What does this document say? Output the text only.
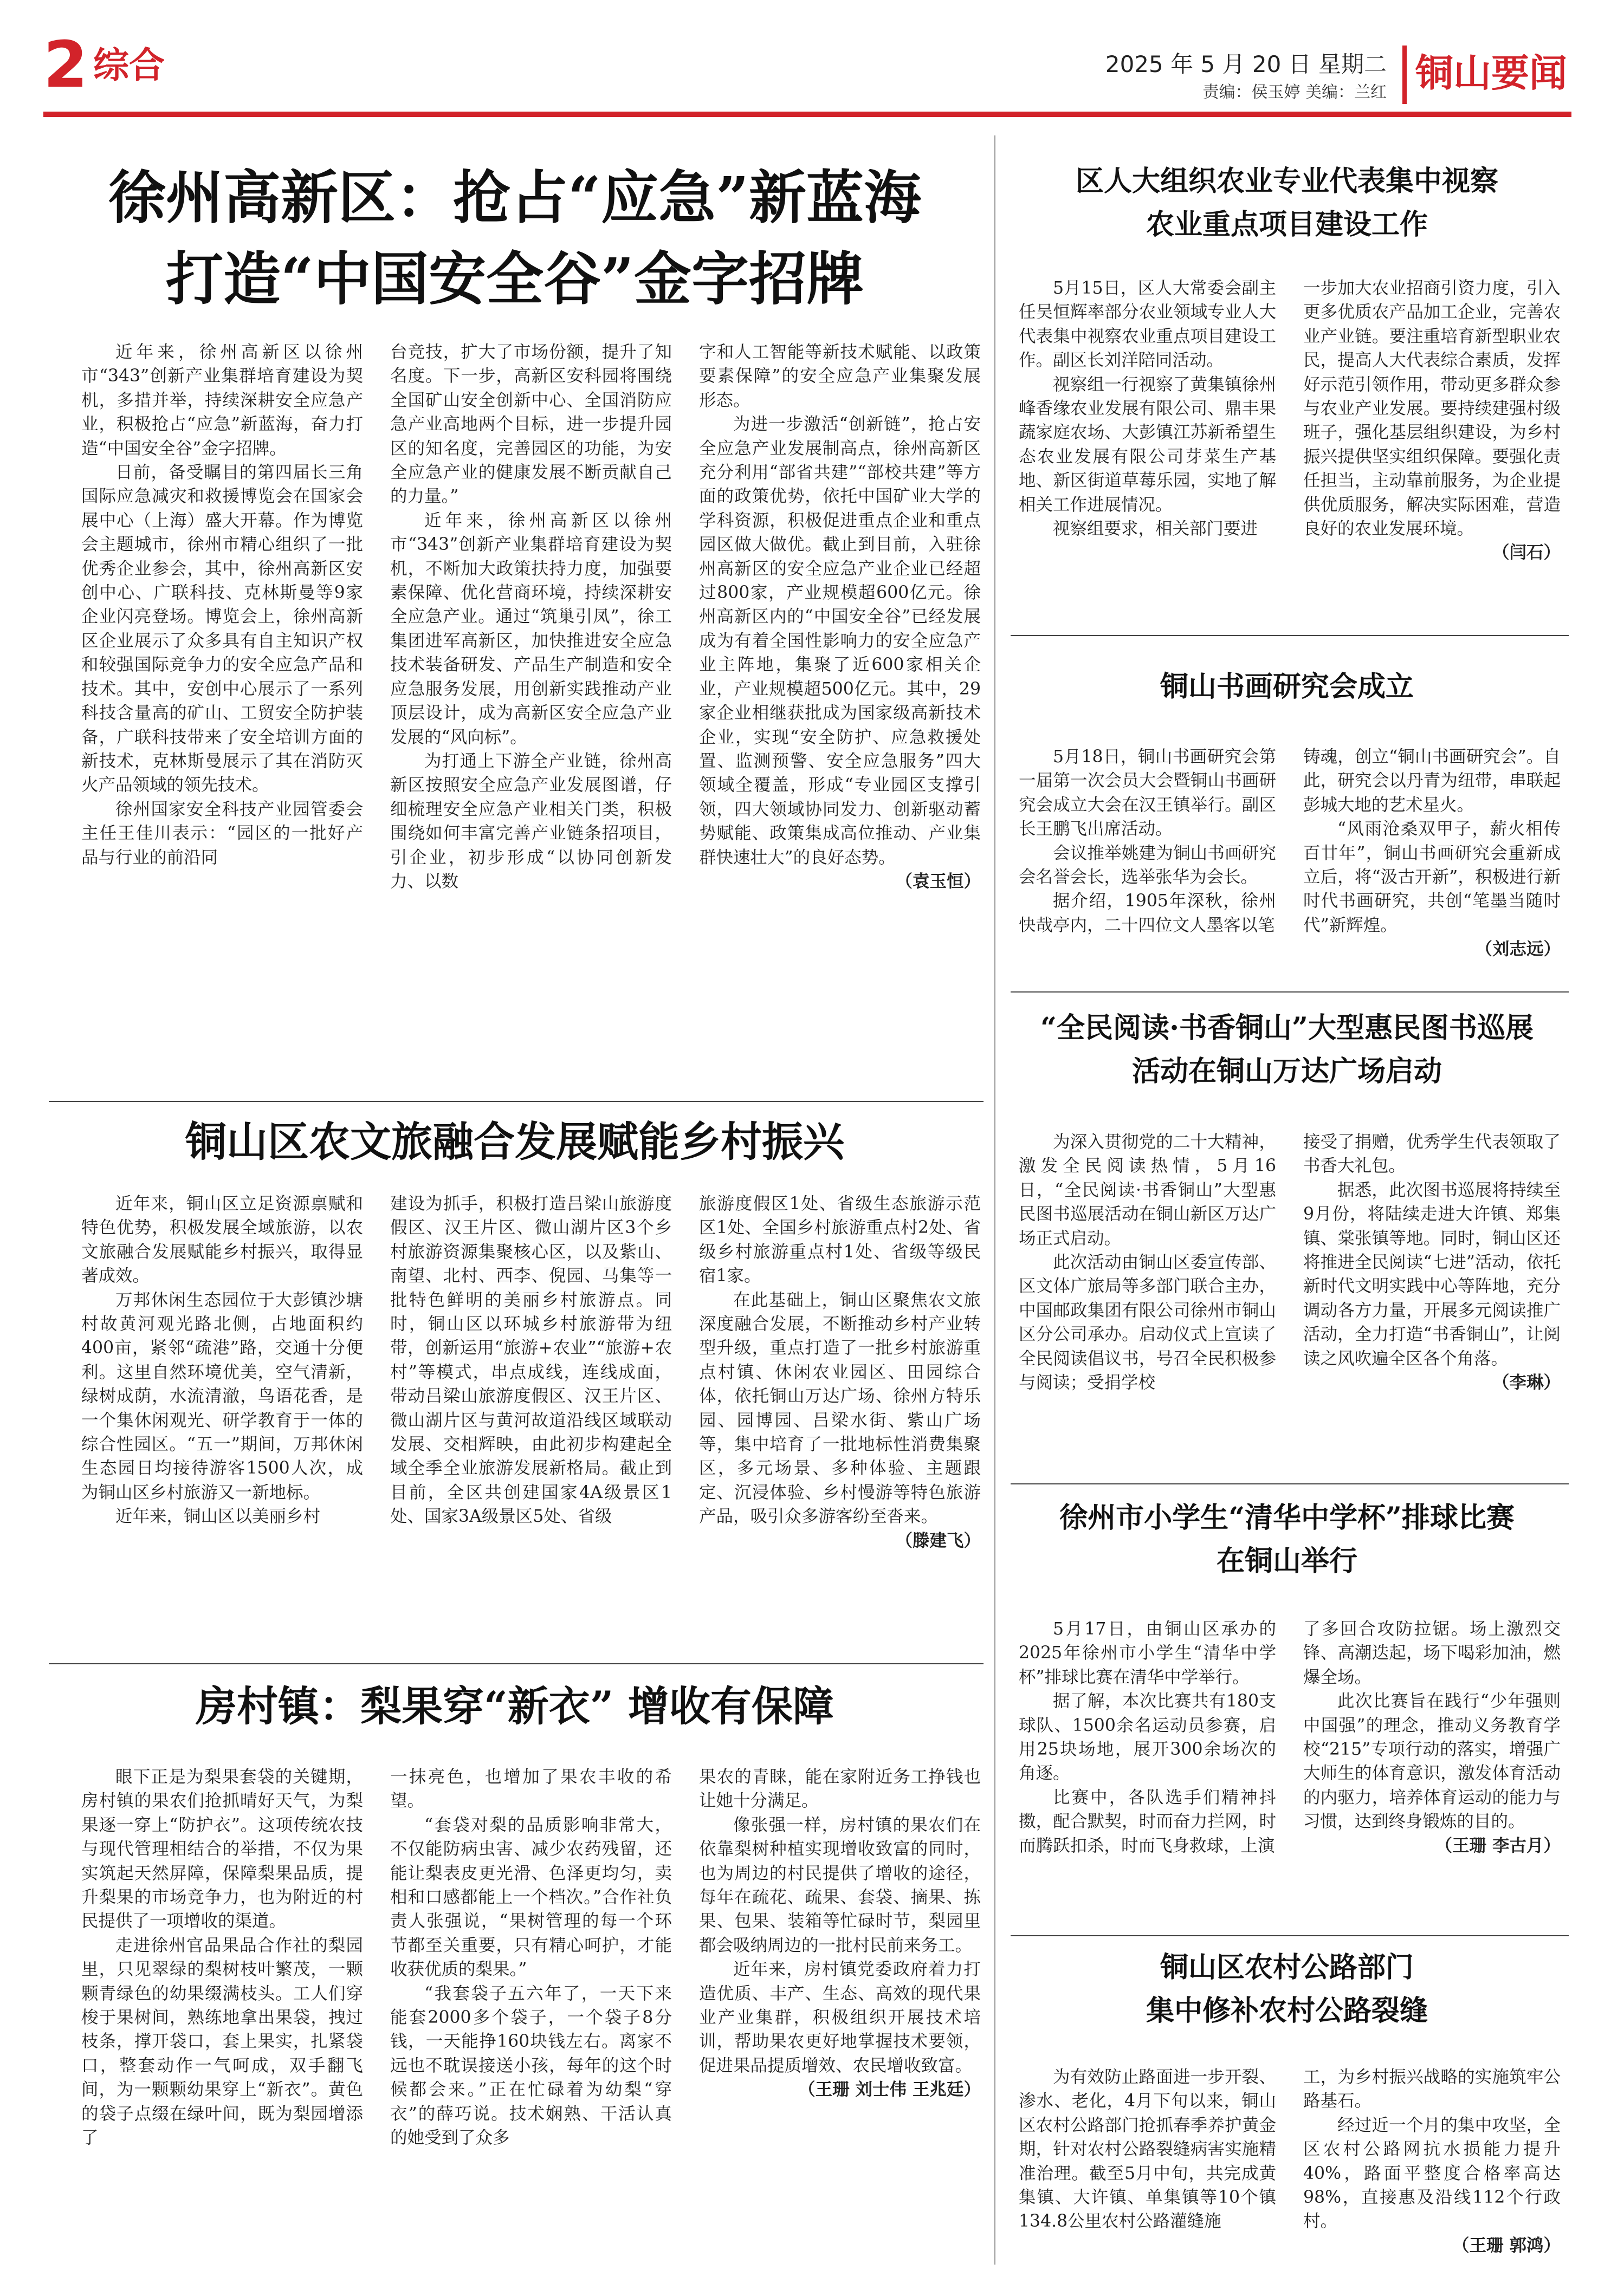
2 综合	2025 年 5 月 20 日 星期二
责编：侯玉婷 美编：兰红 铜山要闻
徐州高新区：抢占“应急”新蓝海
打造“中国安全谷”金字招牌

近年来，徐州高新区以徐州市“343”创新产业集群培育建设为契机，多措并举，持续深耕安全应急产业，积极抢占“应急”新蓝海，奋力打造“中国安全谷”金字招牌。

日前，备受瞩目的第四届长三角国际应急减灾和救援博览会在国家会展中心（上海）盛大开幕。作为博览会主题城市，徐州市精心组织了一批优秀企业参会，其中，徐州高新区安创中心、广联科技、克林斯曼等9家企业闪亮登场。博览会上，徐州高新区企业展示了众多具有自主知识产权和较强国际竞争力的安全应急产品和技术。其中，安创中心展示了一系列科技含量高的矿山、工贸安全防护装备，广联科技带来了安全培训方面的新技术，克林斯曼展示了其在消防灭火产品领域的领先技术。

徐州国家安全科技产业园管委会主任王佳川表示：“园区的一批好产品与行业的前沿同

台竞技，扩大了市场份额，提升了知名度。下一步，高新区安科园将围绕全国矿山安全创新中心、全国消防应急产业高地两个目标，进一步提升园区的知名度，完善园区的功能，为安全应急产业的健康发展不断贡献自己的力量。”

近年来，徐州高新区以徐州市“343”创新产业集群培育建设为契机，不断加大政策扶持力度，加强要素保障、优化营商环境，持续深耕安全应急产业。通过“筑巢引凤”，徐工集团进军高新区，加快推进安全应急技术装备研发、产品生产制造和安全应急服务发展，用创新实践推动产业顶层设计，成为高新区安全应急产业发展的“风向标”。

为打通上下游全产业链，徐州高新区按照安全应急产业发展图谱，仔细梳理安全应急产业相关门类，积极围绕如何丰富完善产业链条招项目，引企业，初步形成“以协同创新发力、以数

字和人工智能等新技术赋能、以政策要素保障”的安全应急产业集聚发展形态。

为进一步激活“创新链”，抢占安全应急产业发展制高点，徐州高新区充分利用“部省共建”“部校共建”等方面的政策优势，依托中国矿业大学的学科资源，积极促进重点企业和重点园区做大做优。截止到目前，入驻徐州高新区的安全应急产业企业已经超过800家，产业规模超600亿元。徐州高新区内的“中国安全谷”已经发展成为有着全国性影响力的安全应急产业主阵地，集聚了近600家相关企业，产业规模超500亿元。其中，29家企业相继获批成为国家级高新技术企业，实现“安全防护、应急救援处置、监测预警、安全应急服务”四大领域全覆盖，形成“专业园区支撑引领，四大领域协同发力、创新驱动蓄势赋能、政策集成高位推动、产业集群快速壮大”的良好态势。

（袁玉恒）
铜山区农文旅融合发展赋能乡村振兴

近年来，铜山区立足资源禀赋和特色优势，积极发展全域旅游，以农文旅融合发展赋能乡村振兴，取得显著成效。

万邦休闲生态园位于大彭镇沙塘村故黄河观光路北侧，占地面积约400亩，紧邻“疏港”路，交通十分便利。这里自然环境优美，空气清新，绿树成荫，水流清澈，鸟语花香，是一个集休闲观光、研学教育于一体的综合性园区。“五一”期间，万邦休闲生态园日均接待游客1500人次，成为铜山区乡村旅游又一新地标。

近年来，铜山区以美丽乡村

建设为抓手，积极打造吕梁山旅游度假区、汉王片区、微山湖片区3个乡村旅游资源集聚核心区，以及紫山、南望、北村、西李、倪园、马集等一批特色鲜明的美丽乡村旅游点。同时，铜山区以环城乡村旅游带为纽带，创新运用“旅游+农业”“旅游+农村”等模式，串点成线，连线成面，带动吕梁山旅游度假区、汉王片区、微山湖片区与黄河故道沿线区域联动发展、交相辉映，由此初步构建起全域全季全业旅游发展新格局。截止到目前，全区共创建国家4A级景区1处、国家3A级景区5处、省级

旅游度假区1处、省级生态旅游示范区1处、全国乡村旅游重点村2处、省级乡村旅游重点村1处、省级等级民宿1家。

在此基础上，铜山区聚焦农文旅深度融合发展，不断推动乡村产业转型升级，重点打造了一批乡村旅游重点村镇、休闲农业园区、田园综合体，依托铜山万达广场、徐州方特乐园、园博园、吕梁水街、紫山广场等，集中培育了一批地标性消费集聚区，多元场景、多种体验、主题跟定、沉浸体验、乡村慢游等特色旅游产品，吸引众多游客纷至沓来。

（滕建飞）
房村镇：梨果穿“新衣” 增收有保障

眼下正是为梨果套袋的关键期，房村镇的果农们抢抓晴好天气，为梨果逐一穿上“防护衣”。这项传统农技与现代管理相结合的举措，不仅为果实筑起天然屏障，保障梨果品质，提升梨果的市场竞争力，也为附近的村民提供了一项增收的渠道。

走进徐州官品果品合作社的梨园里，只见翠绿的梨树枝叶繁茂，一颗颗青绿色的幼果缀满枝头。工人们穿梭于果树间，熟练地拿出果袋，拽过枝条，撑开袋口，套上果实，扎紧袋口，整套动作一气呵成，双手翻飞间，为一颗颗幼果穿上“新衣”。黄色的袋子点缀在绿叶间，既为梨园增添了

一抹亮色，也增加了果农丰收的希望。

“套袋对梨的品质影响非常大，不仅能防病虫害、减少农药残留，还能让梨表皮更光滑、色泽更均匀，卖相和口感都能上一个档次。”合作社负责人张强说，“果树管理的每一个环节都至关重要，只有精心呵护，才能收获优质的梨果。”

“我套袋子五六年了，一天下来能套2000多个袋子，一个袋子8分钱，一天能挣160块钱左右。离家不远也不耽误接送小孩，每年的这个时候都会来。”正在忙碌着为幼梨“穿衣”的薛巧说。技术娴熟、干活认真的她受到了众多

果农的青睐，能在家附近务工挣钱也让她十分满足。

像张强一样，房村镇的果农们在依靠梨树种植实现增收致富的同时，也为周边的村民提供了增收的途径，每年在疏花、疏果、套袋、摘果、拣果、包果、装箱等忙碌时节，梨园里都会吸纳周边的一批村民前来务工。

近年来，房村镇党委政府着力打造优质、丰产、生态、高效的现代果业产业集群，积极组织开展技术培训，帮助果农更好地掌握技术要领，促进果品提质增效、农民增收致富。

（王珊 刘士伟 王兆廷）
区人大组织农业专业代表集中视察
农业重点项目建设工作

5月15日，区人大常委会副主任吴恒辉率部分农业领域专业人大代表集中视察农业重点项目建设工作。副区长刘洋陪同活动。

视察组一行视察了黄集镇徐州峰香缘农业发展有限公司、鼎丰果蔬家庭农场、大彭镇江苏新希望生态农业发展有限公司芽菜生产基地、新区街道草莓乐园，实地了解相关工作进展情况。

视察组要求，相关部门要进

一步加大农业招商引资力度，引入更多优质农产品加工企业，完善农业产业链。要注重培育新型职业农民，提高人大代表综合素质，发挥好示范引领作用，带动更多群众参与农业产业发展。要持续建强村级班子，强化基层组织建设，为乡村振兴提供坚实组织保障。要强化责任担当，主动靠前服务，为企业提供优质服务，解决实际困难，营造良好的农业发展环境。

（闫石）
铜山书画研究会成立

5月18日，铜山书画研究会第一届第一次会员大会暨铜山书画研究会成立大会在汉王镇举行。副区长王鹏飞出席活动。

会议推举姚建为铜山书画研究会名誉会长，选举张华为会长。

据介绍，1905年深秋，徐州快哉亭内，二十四位文人墨客以笔

铸魂，创立“铜山书画研究会”。自此，研究会以丹青为纽带，串联起彭城大地的艺术星火。

“风雨沧桑双甲子，薪火相传百廿年”，铜山书画研究会重新成立后，将“汲古开新”，积极进行新时代书画研究，共创“笔墨当随时代”新辉煌。

（刘志远）
“全民阅读·书香铜山”大型惠民图书巡展
活动在铜山万达广场启动

为深入贯彻党的二十大精神，激发全民阅读热情，5月16日，“全民阅读·书香铜山”大型惠民图书巡展活动在铜山新区万达广场正式启动。

此次活动由铜山区委宣传部、区文体广旅局等多部门联合主办，中国邮政集团有限公司徐州市铜山区分公司承办。启动仪式上宣读了全民阅读倡议书，号召全民积极参与阅读；受捐学校

接受了捐赠，优秀学生代表领取了书香大礼包。

据悉，此次图书巡展将持续至9月份，将陆续走进大许镇、郑集镇、棠张镇等地。同时，铜山区还将推进全民阅读“七进”活动，依托新时代文明实践中心等阵地，充分调动各方力量，开展多元阅读推广活动，全力打造“书香铜山”，让阅读之风吹遍全区各个角落。

（李琳）
徐州市小学生“清华中学杯”排球比赛
在铜山举行

5月17日，由铜山区承办的2025年徐州市小学生“清华中学杯”排球比赛在清华中学举行。

据了解，本次比赛共有180支球队、1500余名运动员参赛，启用25块场地，展开300余场次的角逐。

比赛中，各队选手们精神抖擞，配合默契，时而奋力拦网，时而腾跃扣杀，时而飞身救球，上演

了多回合攻防拉锯。场上激烈交锋、高潮迭起，场下喝彩加油，燃爆全场。

此次比赛旨在践行“少年强则中国强”的理念，推动义务教育学校“215”专项行动的落实，增强广大师生的体育意识，激发体育活动的内驱力，培养体育运动的能力与习惯，达到终身锻炼的目的。

（王珊 李古月）
铜山区农村公路部门
集中修补农村公路裂缝

为有效防止路面进一步开裂、渗水、老化，4月下旬以来，铜山区农村公路部门抢抓春季养护黄金期，针对农村公路裂缝病害实施精准治理。截至5月中旬，共完成黄集镇、大许镇、单集镇等10个镇134.8公里农村公路灌缝施

工，为乡村振兴战略的实施筑牢公路基石。

经过近一个月的集中攻坚，全区农村公路网抗水损能力提升40%，路面平整度合格率高达98%，直接惠及沿线112个行政村。

（王珊 郭鸿）
